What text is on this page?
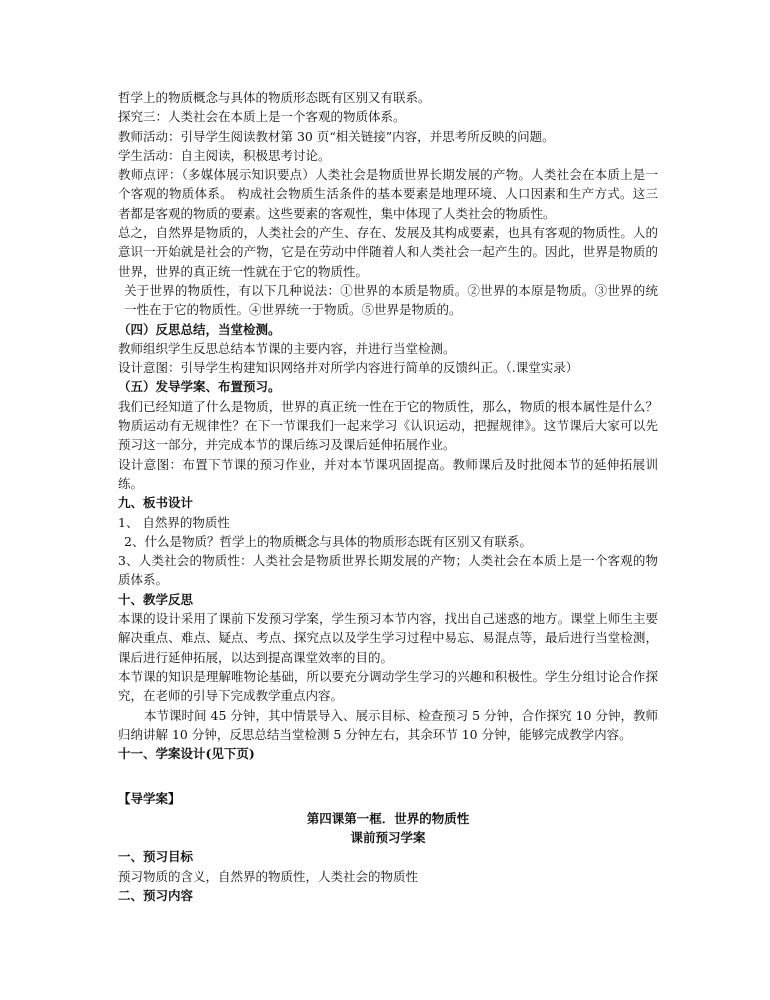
哲学上的物质概念与具体的物质形态既有区别又有联系。

探究三：人类社会在本质上是一个客观的物质体系。

教师活动：引导学生阅读教材第 30 页“相关链接”内容，并思考所反映的问题。

学生活动：自主阅读，积极思考讨论。

教师点评：（多媒体展示知识要点）人类社会是物质世界长期发展的产物。人类社会在本质上是一个客观的物质体系。 构成社会物质生活条件的基本要素是地理环境、人口因素和生产方式。这三者都是客观的物质的要素。这些要素的客观性，集中体现了人类社会的物质性。

总之，自然界是物质的，人类社会的产生、存在、发展及其构成要素，也具有客观的物质性。人的意识一开始就是社会的产物，它是在劳动中伴随着人和人类社会一起产生的。因此，世界是物质的世界，世界的真正统一性就在于它的物质性。

关于世界的物质性，有以下几种说法：①世界的本质是物质。②世界的本原是物质。③世界的统一性在于它的物质性。④世界统一于物质。⑤世界是物质的。

（四）反思总结，当堂检测。

教师组织学生反思总结本节课的主要内容，并进行当堂检测。

设计意图：引导学生构建知识网络并对所学内容进行简单的反馈纠正。（.课堂实录）

（五）发导学案、布置预习。

我们已经知道了什么是物质，世界的真正统一性在于它的物质性，那么，物质的根本属性是什么？物质运动有无规律性？在下一节课我们一起来学习《认识运动，把握规律》。这节课后大家可以先预习这一部分，并完成本节的课后练习及课后延伸拓展作业。

设计意图：布置下节课的预习作业，并对本节课巩固提高。教师课后及时批阅本节的延伸拓展训练。

九、板书设计

1、 自然界的物质性

2、什么是物质？哲学上的物质概念与具体的物质形态既有区别又有联系。

3、人类社会的物质性：人类社会是物质世界长期发展的产物；人类社会在本质上是一个客观的物质体系。

十、教学反思

本课的设计采用了课前下发预习学案，学生预习本节内容，找出自己迷惑的地方。课堂上师生主要解决重点、难点、疑点、考点、探究点以及学生学习过程中易忘、易混点等，最后进行当堂检测，课后进行延伸拓展，以达到提高课堂效率的目的。

本节课的知识是理解唯物论基础，所以要充分调动学生学习的兴趣和积极性。学生分组讨论合作探究，在老师的引导下完成教学重点内容。

本节课时间 45 分钟，其中情景导入、展示目标、检查预习 5 分钟，合作探究 10 分钟，教师归纳讲解 10 分钟，反思总结当堂检测 5 分钟左右，其余环节 10 分钟，能够完成教学内容。

十一、学案设计(见下页)

【导学案】

第四课第一框．世界的物质性

课前预习学案

一、预习目标

预习物质的含义，自然界的物质性，人类社会的物质性

二、预习内容
